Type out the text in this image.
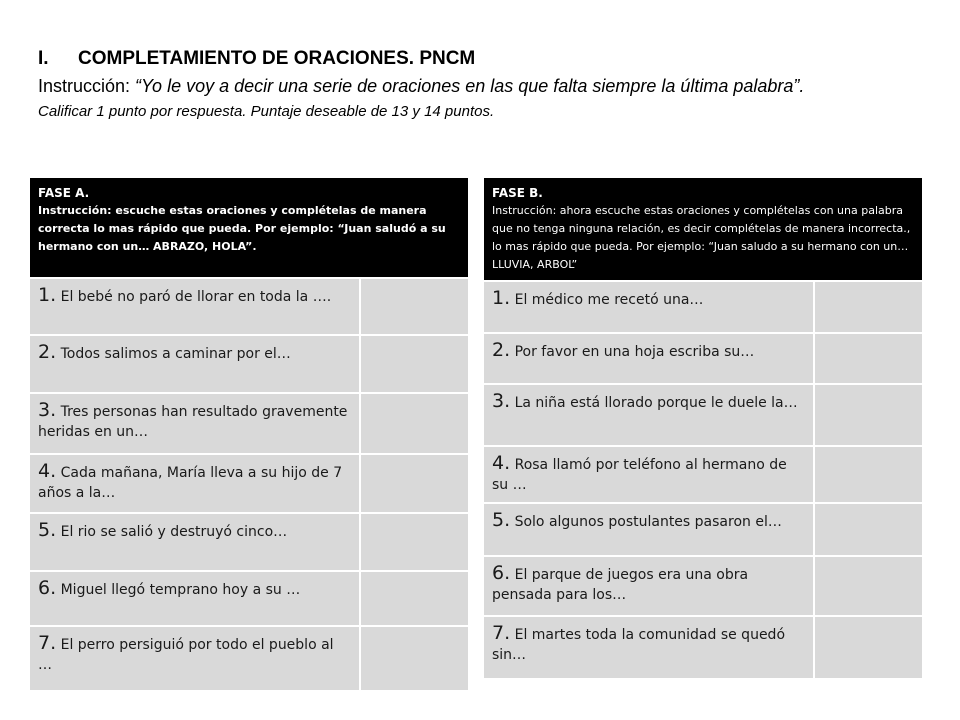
I.	COMPLETAMIENTO DE ORACIONES. PNCM
Instrucción: “Yo le voy a decir una serie de oraciones en las que falta siempre la última palabra”.
Calificar 1 punto por respuesta. Puntaje deseable de 13 y 14 puntos.
FASE A.
Instrucción: escuche estas oraciones y complételas de manera correcta lo mas rápido que pueda. Por ejemplo: “Juan saludó a su hermano con un… ABRAZO, HOLA”.	

1. El bebé no paró de llorar en toda la ….	
2. Todos salimos a caminar por el…	
3. Tres personas han resultado gravemente heridas en un…	
4. Cada mañana, María lleva a su hijo de 7 años a la…	
5. El rio se salió y destruyó cinco…	
6. Miguel llegó temprano hoy a su …	
7. El perro persiguió por todo el pueblo al …	
FASE B.
Instrucción: ahora escuche estas oraciones y complételas con una palabra que no tenga ninguna relación, es decir complételas de manera incorrecta., lo mas rápido que pueda. Por ejemplo: “Juan saludo a su hermano con un… LLUVIA, ARBOL”	

1. El médico me recetó una…	
2. Por favor en una hoja escriba su…	
3. La niña está llorado porque le duele la…	
4. Rosa llamó por teléfono al hermano de su …	
5. Solo algunos postulantes pasaron el…	
6. El parque de juegos era una obra pensada para los…	
7. El martes toda la comunidad se quedó sin…	
